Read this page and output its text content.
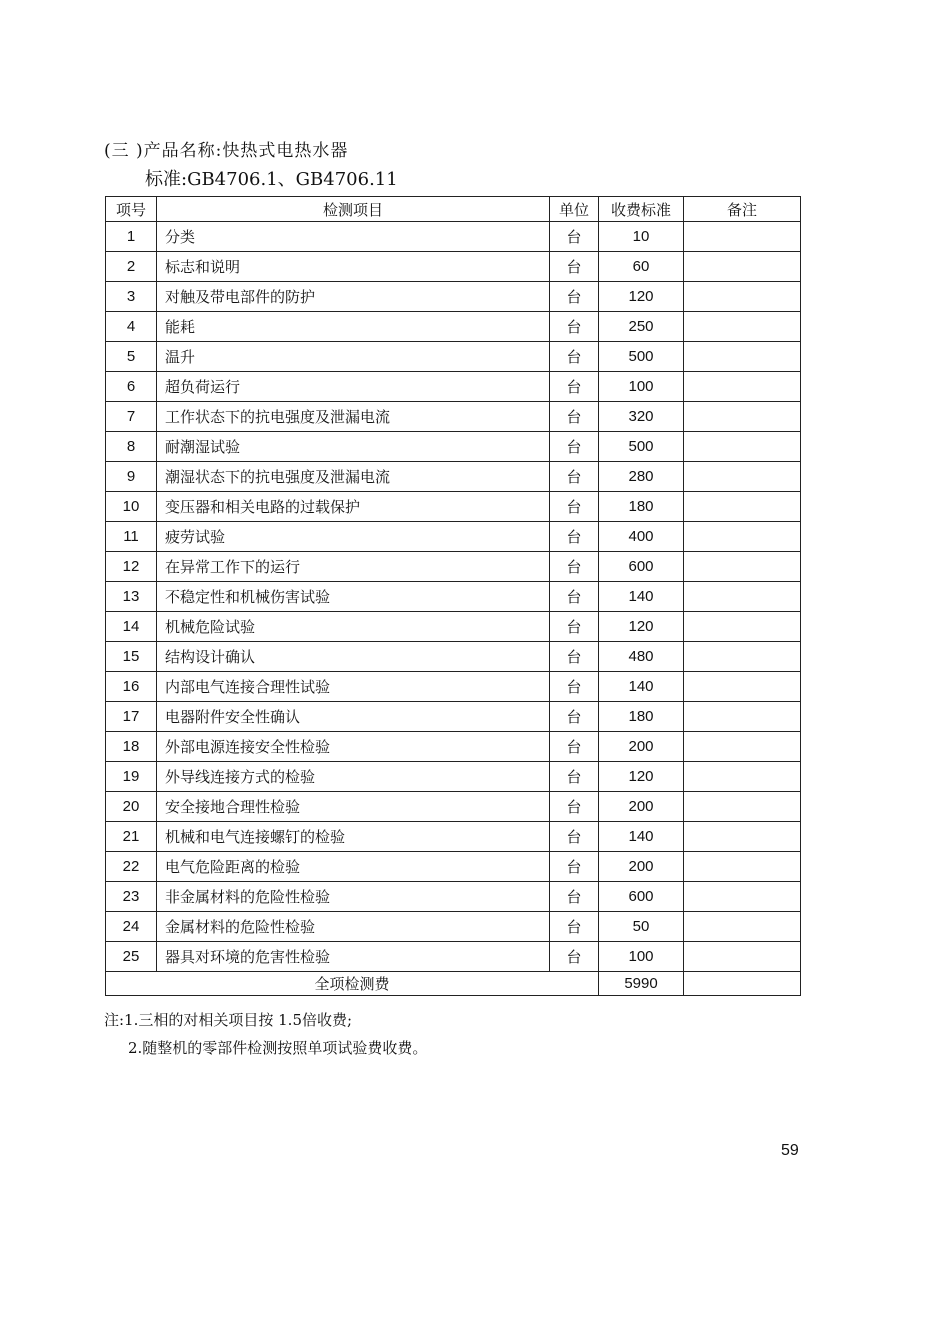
(三 )产品名称:快热式电热水器
标准:GB4706.1、GB4706.11
项号	检测项目	单位	收费标准	备注
1	分类	台	10	
2	标志和说明	台	60	
3	对触及带电部件的防护	台	120	
4	能耗	台	250	
5	温升	台	500	
6	超负荷运行	台	100	
7	工作状态下的抗电强度及泄漏电流	台	320	
8	耐潮湿试验	台	500	
9	潮湿状态下的抗电强度及泄漏电流	台	280	
10	变压器和相关电路的过载保护	台	180	
11	疲劳试验	台	400	
12	在异常工作下的运行	台	600	
13	不稳定性和机械伤害试验	台	140	
14	机械危险试验	台	120	
15	结构设计确认	台	480	
16	内部电气连接合理性试验	台	140	
17	电器附件安全性确认	台	180	
18	外部电源连接安全性检验	台	200	
19	外导线连接方式的检验	台	120	
20	安全接地合理性检验	台	200	
21	机械和电气连接螺钉的检验	台	140	
22	电气危险距离的检验	台	200	
23	非金属材料的危险性检验	台	600	
24	金属材料的危险性检验	台	50	
25	器具对环境的危害性检验	台	100	
全项检测费			5990	
注:1.三相的对相关项目按 1.5倍收费;
2.随整机的零部件检测按照单项试验费收费。
59
